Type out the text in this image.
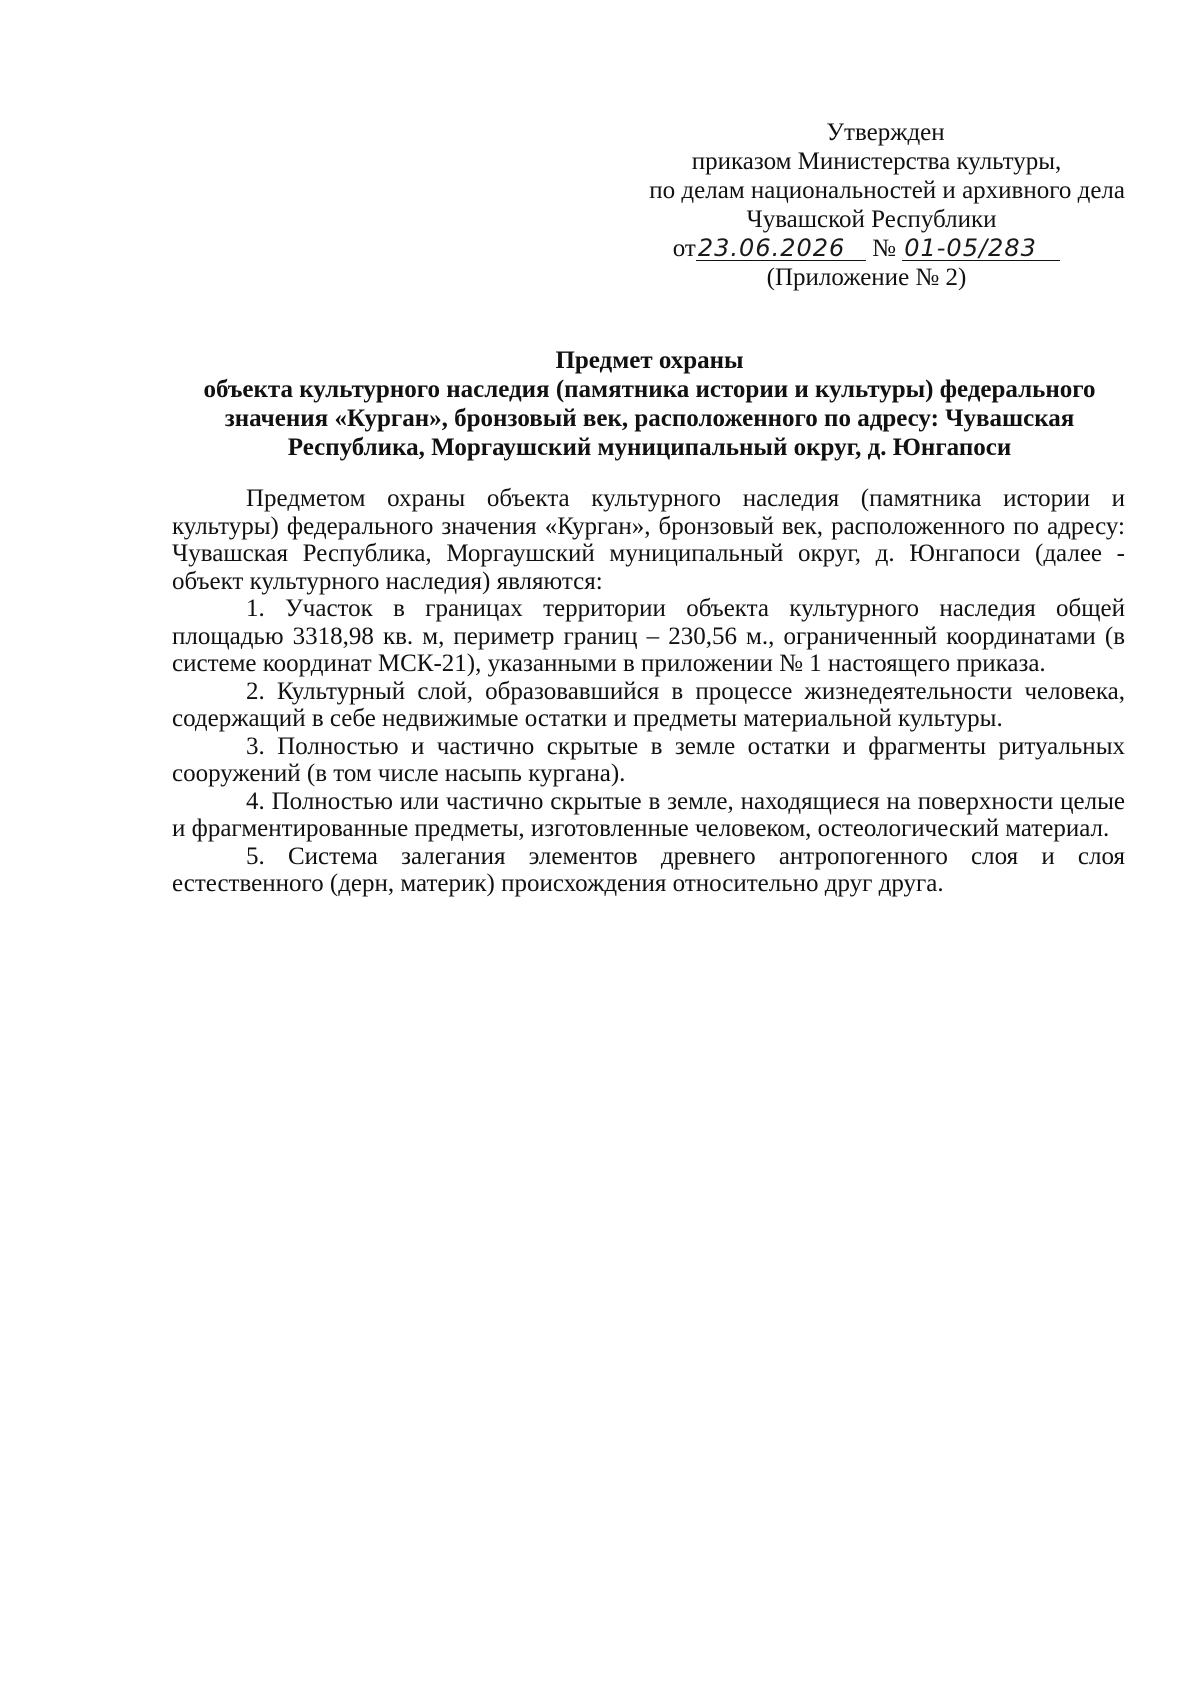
Утвержден
приказом Министерства культуры,
по делам национальностей и архивного дела
Чувашской Республики
от23.06.2026 № 01-05/283
(Приложение № 2)
Предмет охраны
объекта культурного наследия (памятника истории и культуры) федерального значения «Курган», бронзовый век, расположенного по адресу: Чувашская Республика, Моргаушский муниципальный округ, д. Юнгапоси

Предметом охраны объекта культурного наследия (памятника истории и культуры) федерального значения «Курган», бронзовый век, расположенного по адресу: Чувашская Республика, Моргаушский муниципальный округ, д. Юнгапоси (далее - объект культурного наследия) являются:

1. Участок в границах территории объекта культурного наследия общей площадью 3318,98 кв. м, периметр границ – 230,56 м., ограниченный координатами (в системе координат МСК-21), указанными в приложении № 1 настоящего приказа.

2. Культурный слой, образовавшийся в процессе жизнедеятельности человека, содержащий в себе недвижимые остатки и предметы материальной культуры.

3. Полностью и частично скрытые в земле остатки и фрагменты ритуальных сооружений (в том числе насыпь кургана).

4. Полностью или частично скрытые в земле, находящиеся на поверхности целые и фрагментированные предметы, изготовленные человеком, остеологический материал.

5. Система залегания элементов древнего антропогенного слоя и слоя естественного (дерн, материк) происхождения относительно друг друга.
